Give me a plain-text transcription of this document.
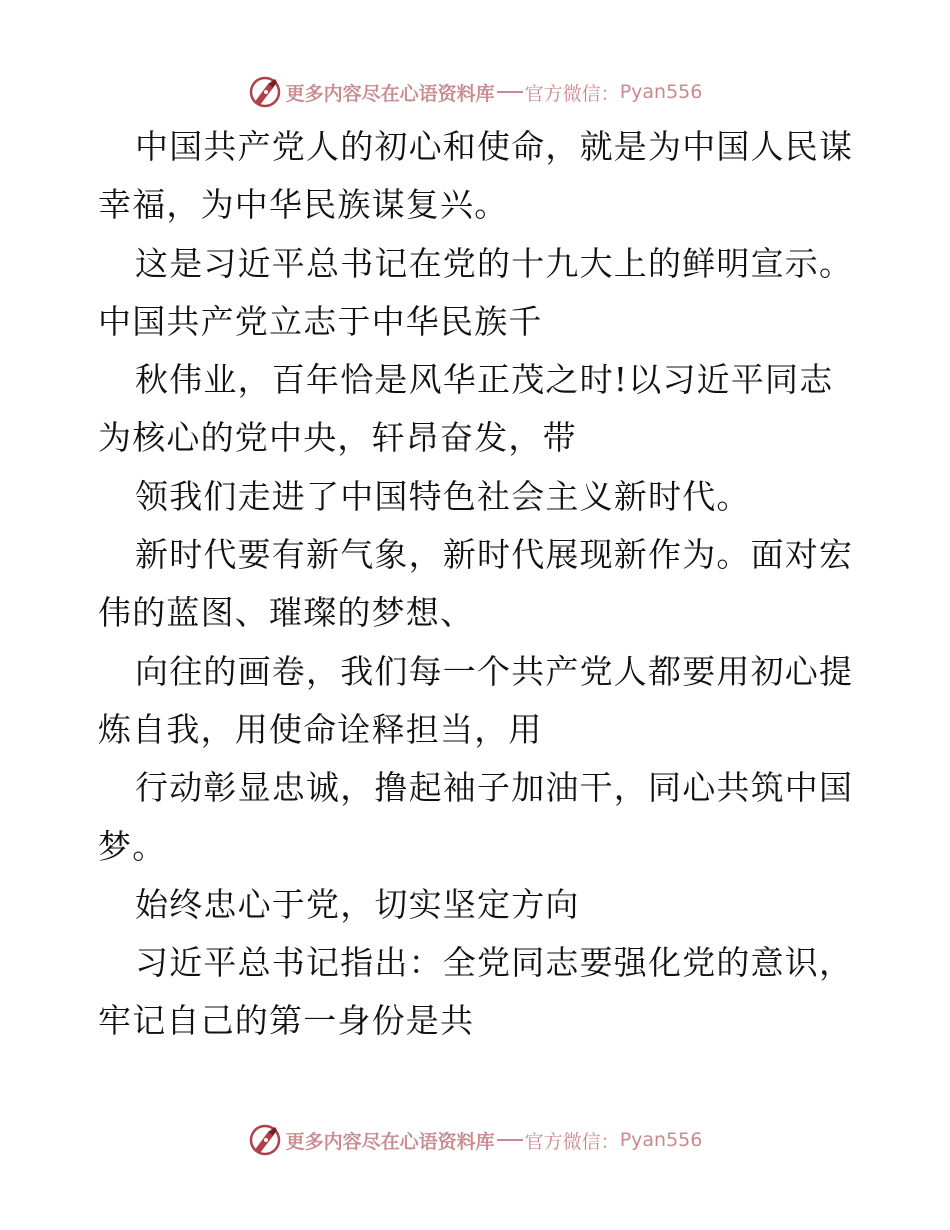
更多内容尽在心语资料库 官方微信： Pyan556
中国共产党人的初心和使命，就是为中国人民谋
幸福，为中华民族谋复兴。
这是习近平总书记在党的十九大上的鲜明宣示。
中国共产党立志于中华民族千
秋伟业，百年恰是风华正茂之时!以习近平同志
为核心的党中央，轩昂奋发，带
领我们走进了中国特色社会主义新时代。
新时代要有新气象，新时代展现新作为。面对宏
伟的蓝图、璀璨的梦想、
向往的画卷，我们每一个共产党人都要用初心提
炼自我，用使命诠释担当，用
行动彰显忠诚，撸起袖子加油干，同心共筑中国
梦。
始终忠心于党，切实坚定方向
习近平总书记指出：全党同志要强化党的意识，
牢记自己的第一身份是共
更多内容尽在心语资料库 官方微信： Pyan556
